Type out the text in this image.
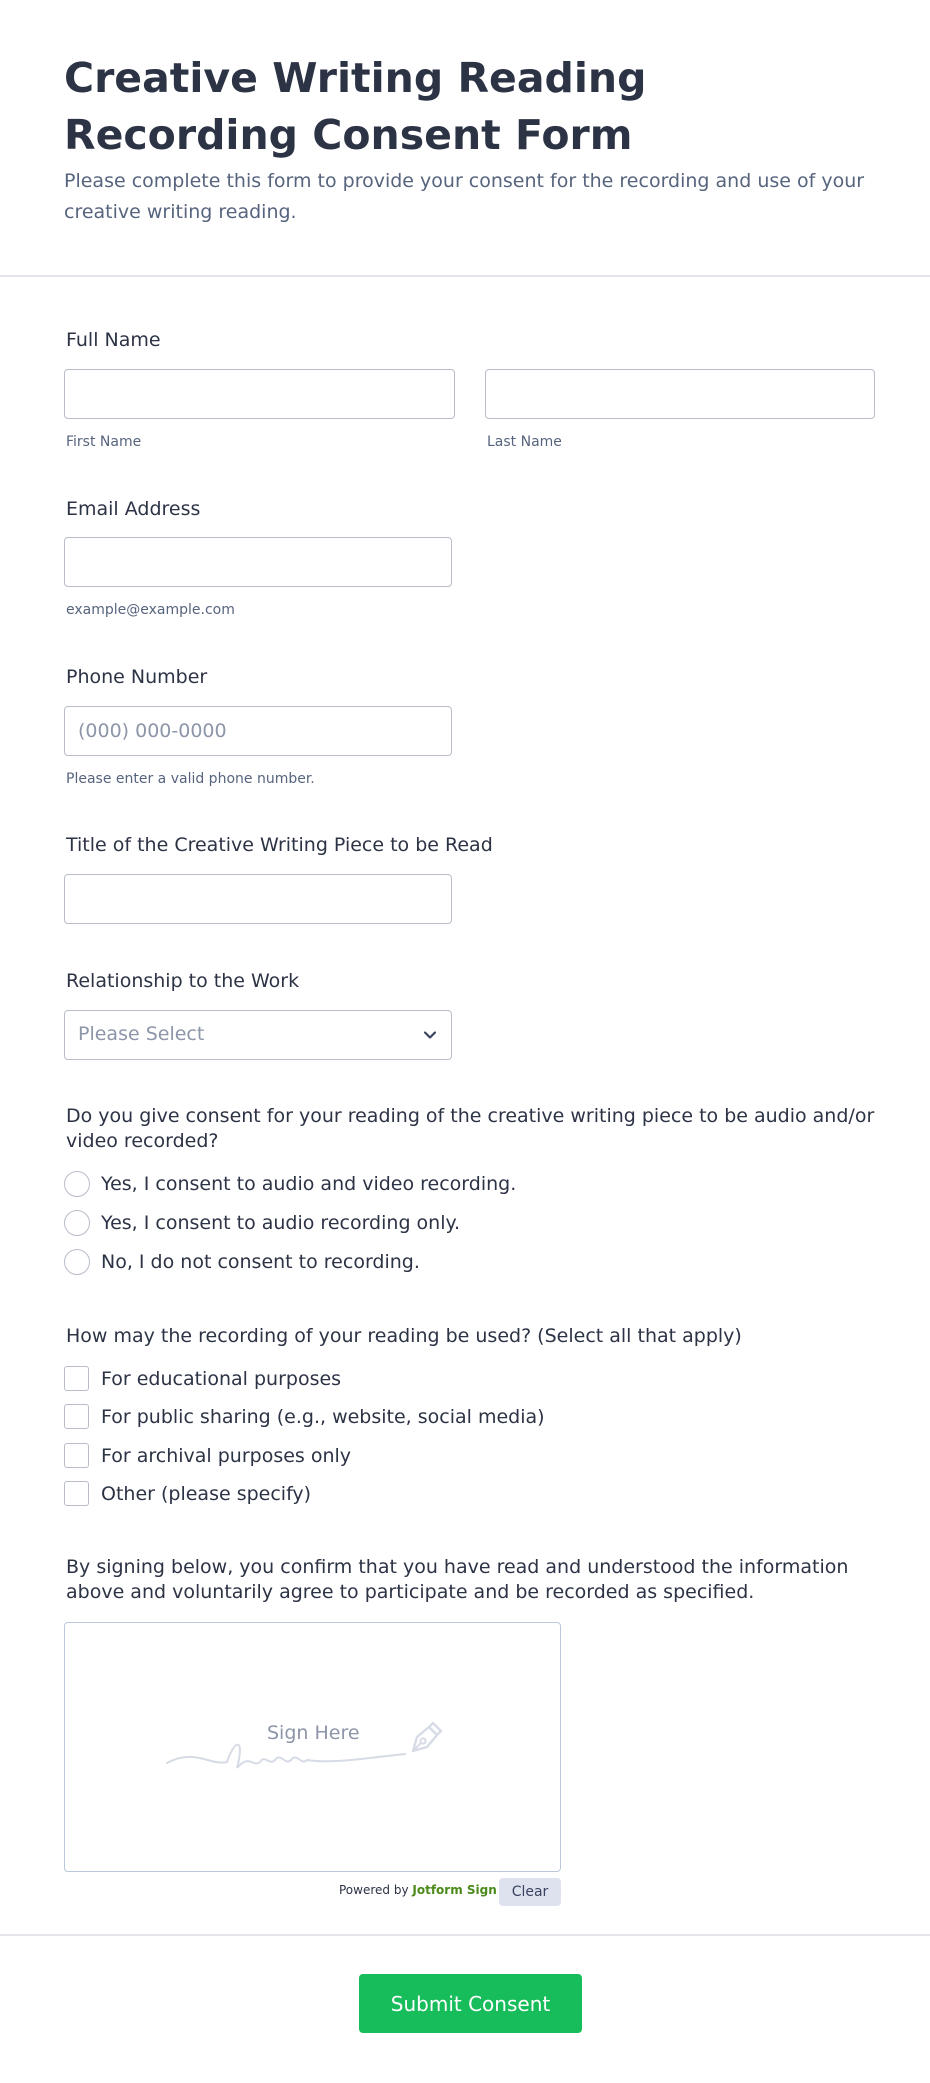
Creative Writing Reading Recording Consent Form

Please complete this form to provide your consent for the recording and use of your creative writing reading.

Full Name
First Name	Last Name
Email Address
example@example.com
Phone Number
(000) 000-0000
Please enter a valid phone number.
Title of the Creative Writing Piece to be Read
Relationship to the Work
Please Select
Do you give consent for your reading of the creative writing piece to be audio and/or video recorded?
Yes, I consent to audio and video recording.
Yes, I consent to audio recording only.
No, I do not consent to recording.
How may the recording of your reading be used? (Select all that apply)
For educational purposes
For public sharing (e.g., website, social media)
For archival purposes only
Other (please specify)
By signing below, you confirm that you have read and understood the information above and voluntarily agree to participate and be recorded as specified.
Sign Here
Powered by Jotform Sign	Clear
Submit Consent
